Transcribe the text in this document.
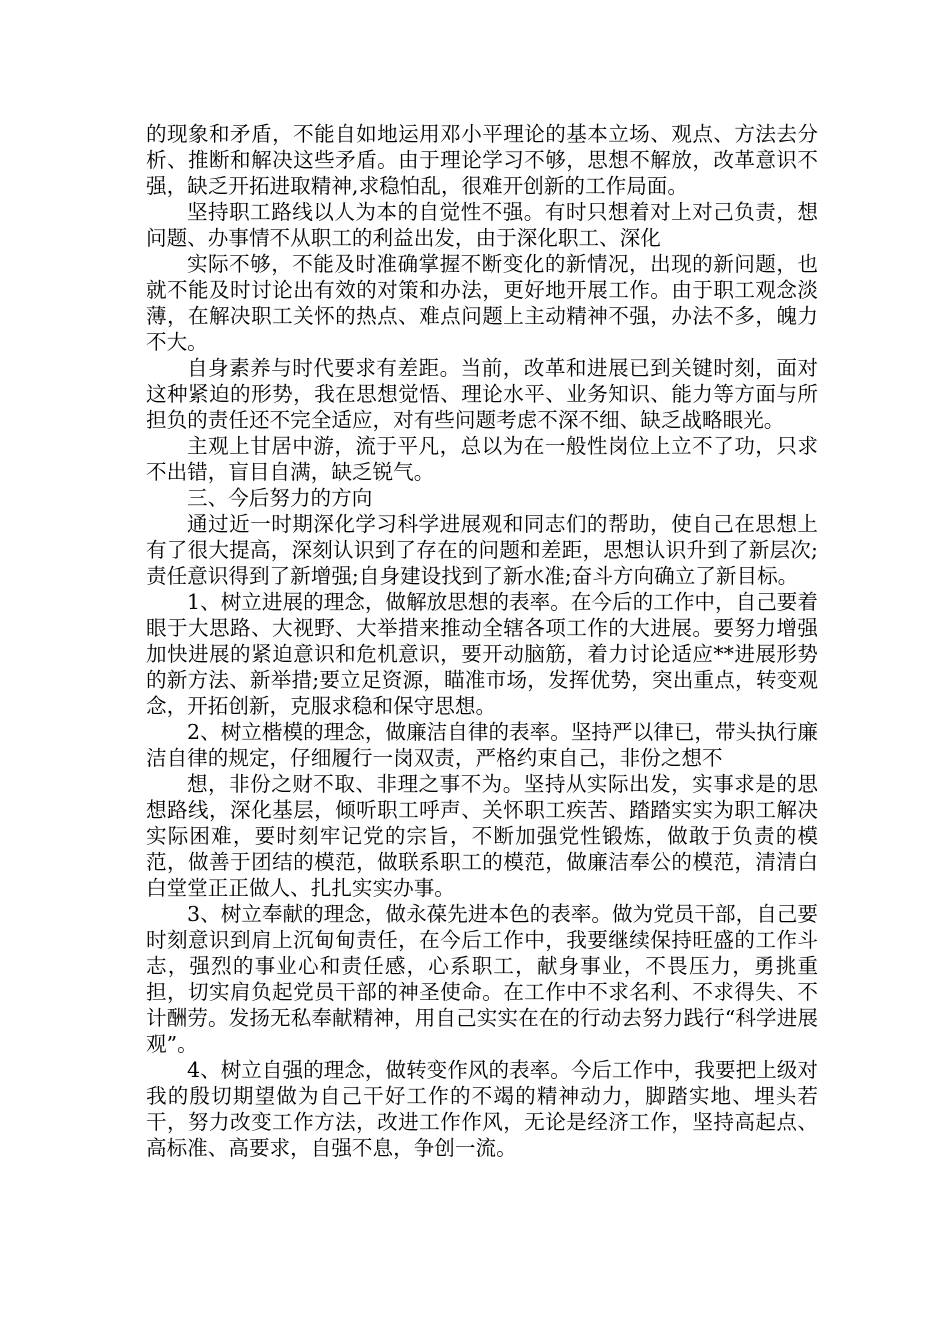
的现象和矛盾，不能自如地运用邓小平理论的基本立场、观点、方法去分析、推断和解决这些矛盾。由于理论学习不够，思想不解放，改革意识不强，缺乏开拓进取精神,求稳怕乱，很难开创新的工作局面。

坚持职工路线以人为本的自觉性不强。有时只想着对上对己负责，想问题、办事情不从职工的利益出发，由于深化职工、深化

实际不够，不能及时准确掌握不断变化的新情况，出现的新问题，也就不能及时讨论出有效的对策和办法，更好地开展工作。由于职工观念淡薄，在解决职工关怀的热点、难点问题上主动精神不强，办法不多，魄力不大。

自身素养与时代要求有差距。当前，改革和进展已到关键时刻，面对这种紧迫的形势，我在思想觉悟、理论水平、业务知识、能力等方面与所担负的责任还不完全适应，对有些问题考虑不深不细、缺乏战略眼光。

主观上甘居中游，流于平凡，总以为在一般性岗位上立不了功，只求不出错，盲目自满，缺乏锐气。

三、今后努力的方向

通过近一时期深化学习科学进展观和同志们的帮助，使自己在思想上有了很大提高，深刻认识到了存在的问题和差距，思想认识升到了新层次;责任意识得到了新增强;自身建设找到了新水准;奋斗方向确立了新目标。

1、树立进展的理念，做解放思想的表率。在今后的工作中，自己要着眼于大思路、大视野、大举措来推动全辖各项工作的大进展。要努力增强加快进展的紧迫意识和危机意识，要开动脑筋，着力讨论适应**进展形势的新方法、新举措;要立足资源，瞄准市场，发挥优势，突出重点，转变观念，开拓创新，克服求稳和保守思想。

2、树立楷模的理念，做廉洁自律的表率。坚持严以律已，带头执行廉洁自律的规定，仔细履行一岗双责，严格约束自己，非份之想不

想，非份之财不取、非理之事不为。坚持从实际出发，实事求是的思想路线，深化基层，倾听职工呼声、关怀职工疾苦、踏踏实实为职工解决实际困难，要时刻牢记党的宗旨，不断加强党性锻炼，做敢于负责的模范，做善于团结的模范，做联系职工的模范，做廉洁奉公的模范，清清白白堂堂正正做人、扎扎实实办事。

3、树立奉献的理念，做永葆先进本色的表率。做为党员干部，自己要时刻意识到肩上沉甸甸责任，在今后工作中，我要继续保持旺盛的工作斗志，强烈的事业心和责任感，心系职工，献身事业，不畏压力，勇挑重担，切实肩负起党员干部的神圣使命。在工作中不求名利、不求得失、不计酬劳。发扬无私奉献精神，用自己实实在在的行动去努力践行“科学进展观”。

4、树立自强的理念，做转变作风的表率。今后工作中，我要把上级对我的殷切期望做为自己干好工作的不竭的精神动力，脚踏实地、埋头若干，努力改变工作方法，改进工作作风，无论是经济工作，坚持高起点、高标准、高要求，自强不息，争创一流。
